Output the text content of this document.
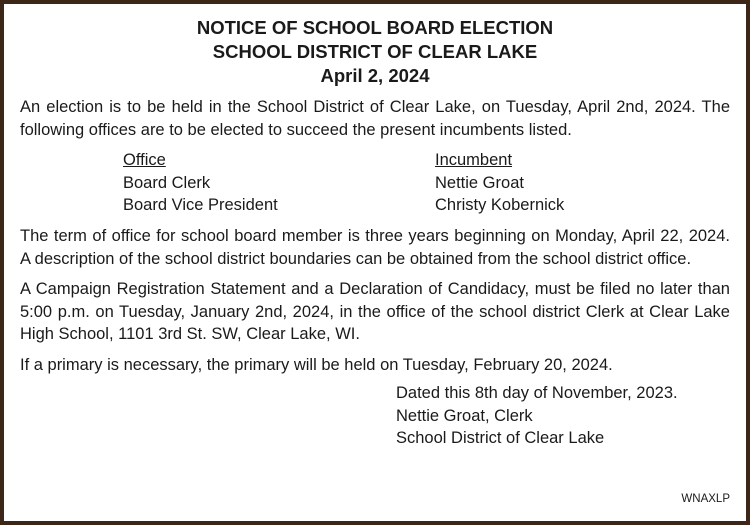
NOTICE OF SCHOOL BOARD ELECTION
SCHOOL DISTRICT OF CLEAR LAKE
April 2, 2024
An election is to be held in the School District of Clear Lake, on Tuesday, April 2nd, 2024. The following offices are to be elected to succeed the present incumbents listed.
Office
Board Clerk
Board Vice President
Incumbent
Nettie Groat
Christy Kobernick
The term of office for school board member is three years beginning on Monday, April 22, 2024. A description of the school district boundaries can be obtained from the school district office.
A Campaign Registration Statement and a Declaration of Candidacy, must be filed no later than 5:00 p.m. on Tuesday, January 2nd, 2024, in the office of the school district Clerk at Clear Lake High School, 1101 3rd St. SW, Clear Lake, WI.
If a primary is necessary, the primary will be held on Tuesday, February 20, 2024.
Dated this 8th day of November, 2023.
Nettie Groat, Clerk
School District of Clear Lake
WNAXLP
